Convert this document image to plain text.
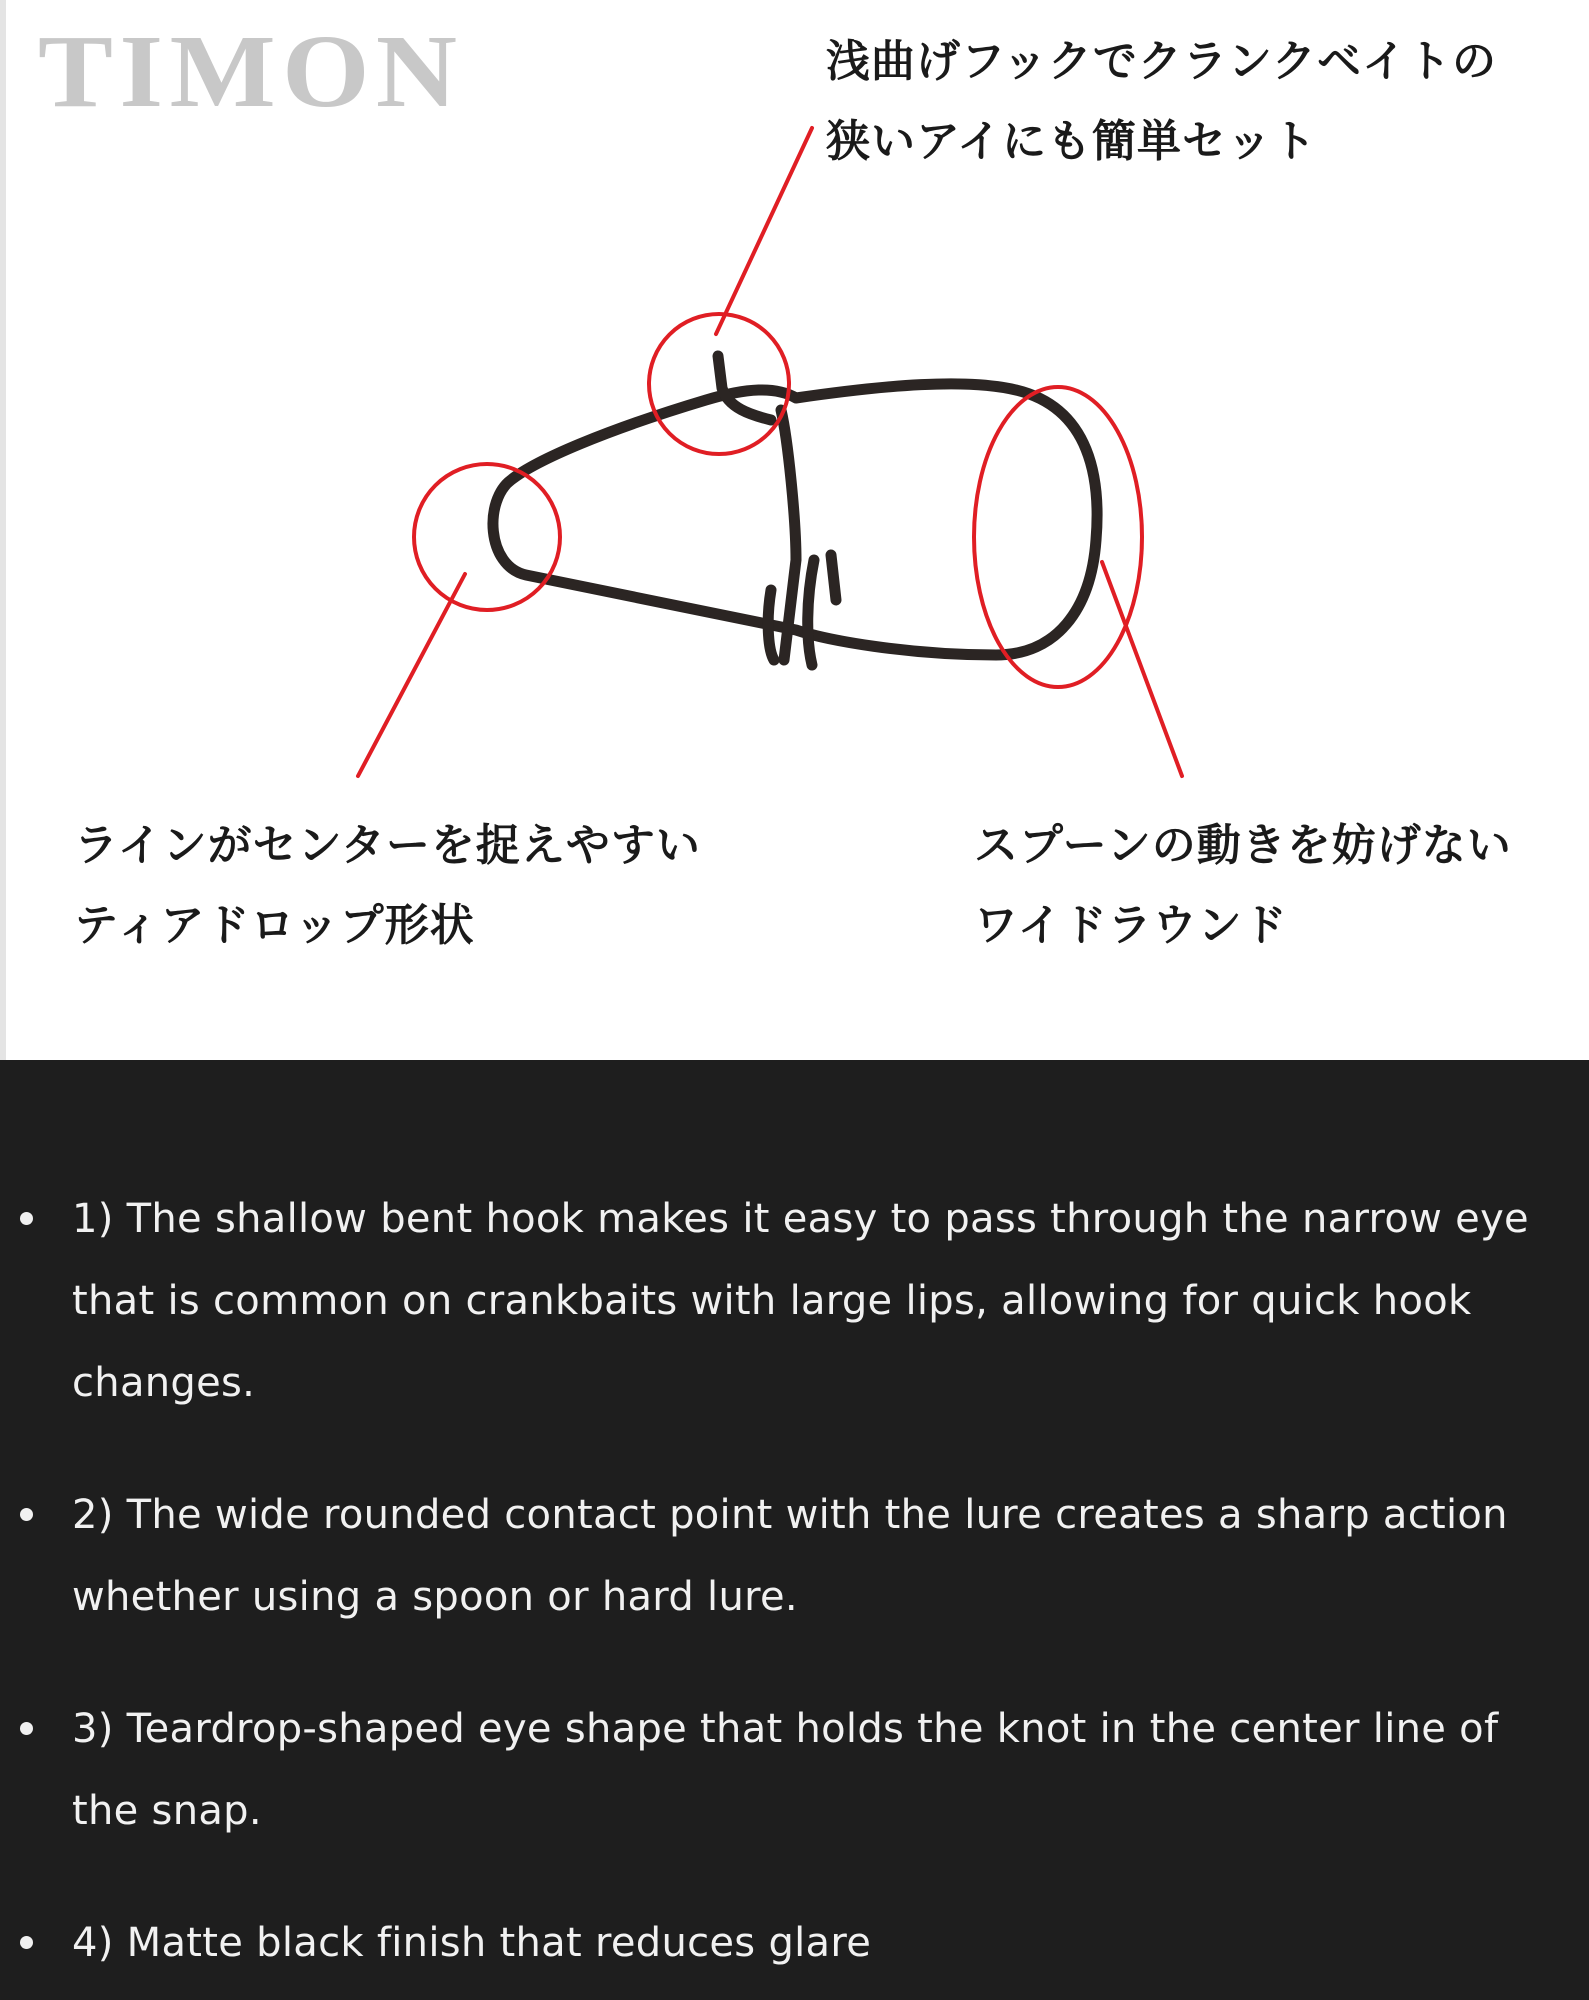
TIMON	浅曲げフックでクランクベイトの
狭いアイにも簡単セット
ラインがセンターを捉えやすい
ティアドロップ形状
スプーンの動きを妨げない
ワイドラウンド
1) The shallow bent hook makes it easy to pass through the narrow eye that is common on crankbaits with large lips, allowing for quick hook changes.
2) The wide rounded contact point with the lure creates a sharp action whether using a spoon or hard lure.
3) Teardrop-shaped eye shape that holds the knot in the center line of the snap.
4) Matte black finish that reduces glare
